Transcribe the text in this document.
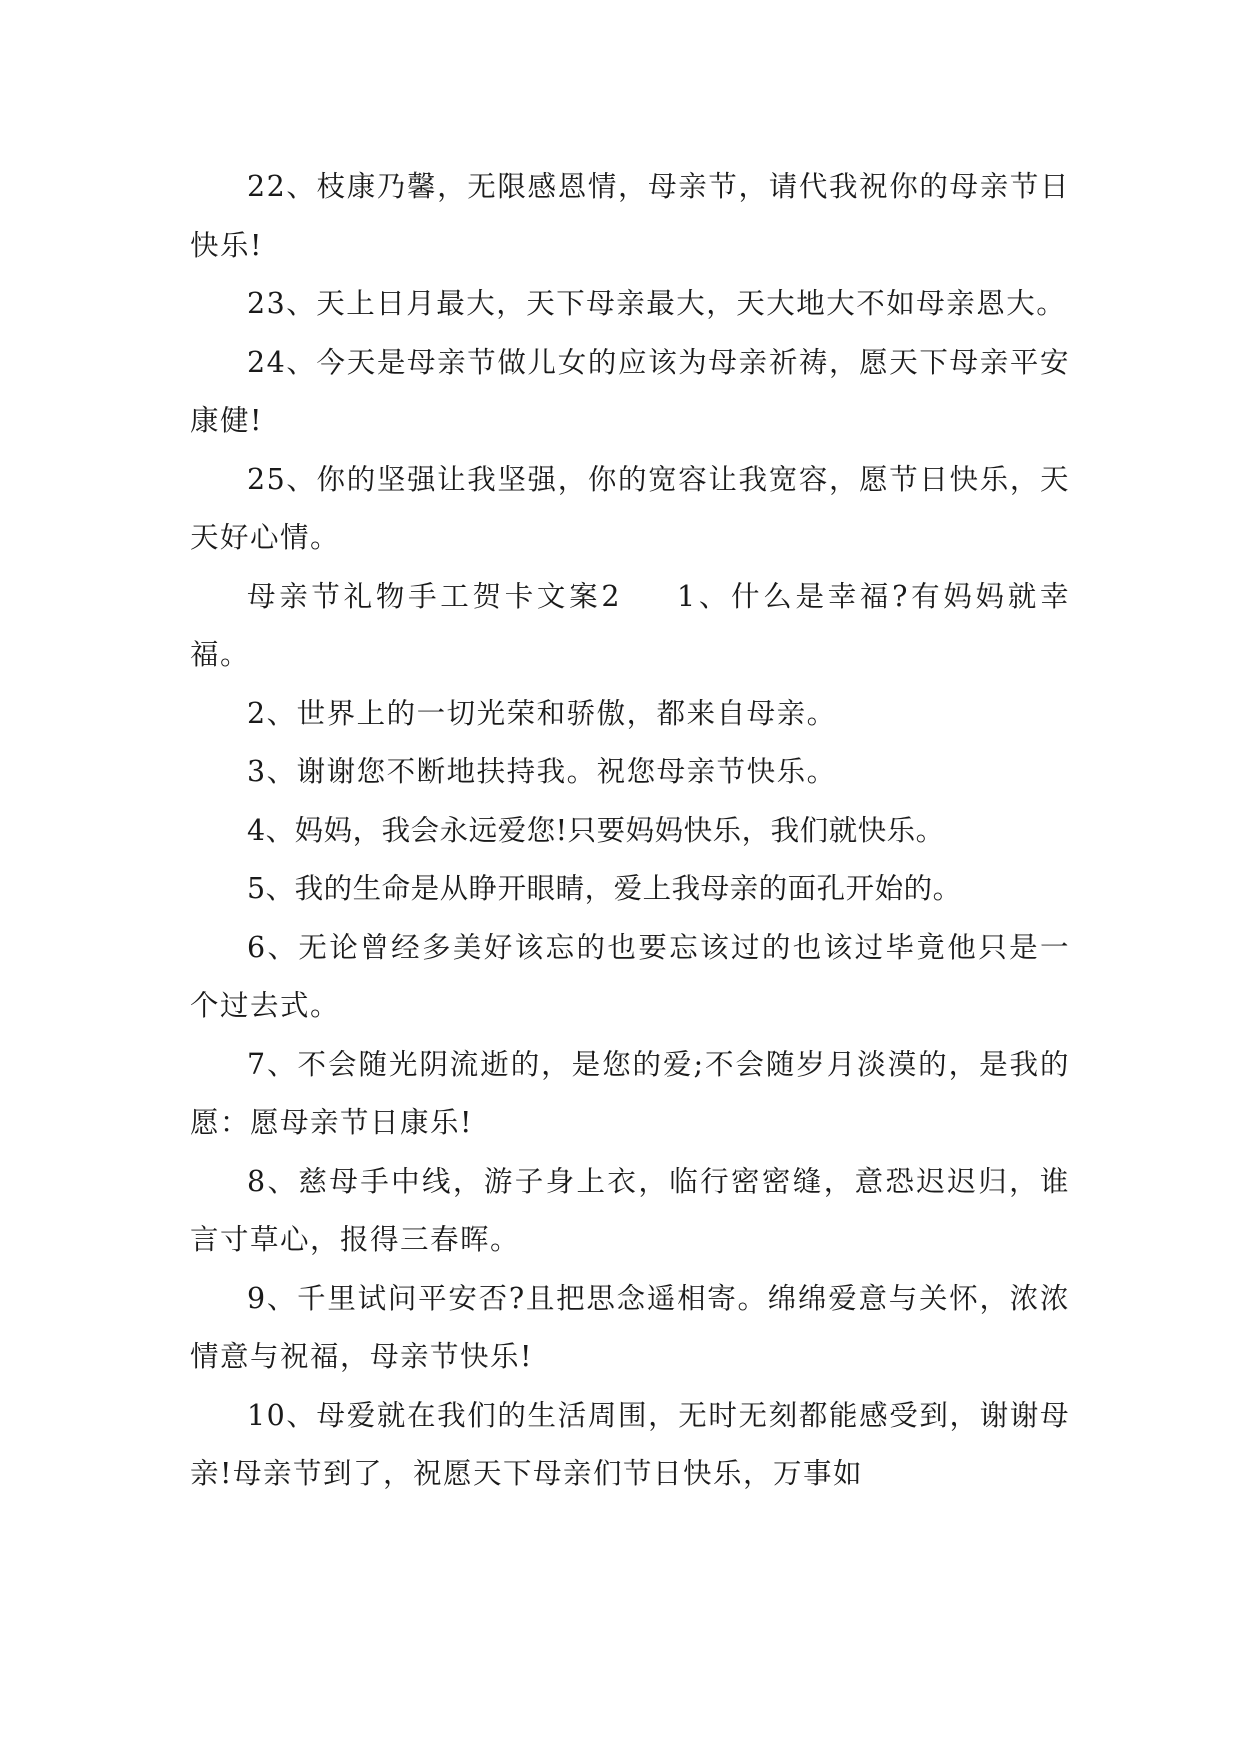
22、枝康乃馨，无限感恩情，母亲节，请代我祝你的母亲节日快乐!

23、天上日月最大，天下母亲最大，天大地大不如母亲恩大。

24、今天是母亲节做儿女的应该为母亲祈祷，愿天下母亲平安康健!

25、你的坚强让我坚强，你的宽容让我宽容，愿节日快乐，天天好心情。

母亲节礼物手工贺卡文案2 1、什么是幸福?有妈妈就幸福。

2、世界上的一切光荣和骄傲，都来自母亲。

3、谢谢您不断地扶持我。祝您母亲节快乐。

4、妈妈，我会永远爱您!只要妈妈快乐，我们就快乐。

5、我的生命是从睁开眼睛，爱上我母亲的面孔开始的。

6、无论曾经多美好该忘的也要忘该过的也该过毕竟他只是一个过去式。

7、不会随光阴流逝的，是您的爱;不会随岁月淡漠的，是我的愿：愿母亲节日康乐!

8、慈母手中线，游子身上衣，临行密密缝，意恐迟迟归，谁言寸草心，报得三春晖。

9、千里试问平安否?且把思念遥相寄。绵绵爱意与关怀，浓浓情意与祝福，母亲节快乐!

10、母爱就在我们的生活周围，无时无刻都能感受到，谢谢母亲!母亲节到了，祝愿天下母亲们节日快乐，万事如
